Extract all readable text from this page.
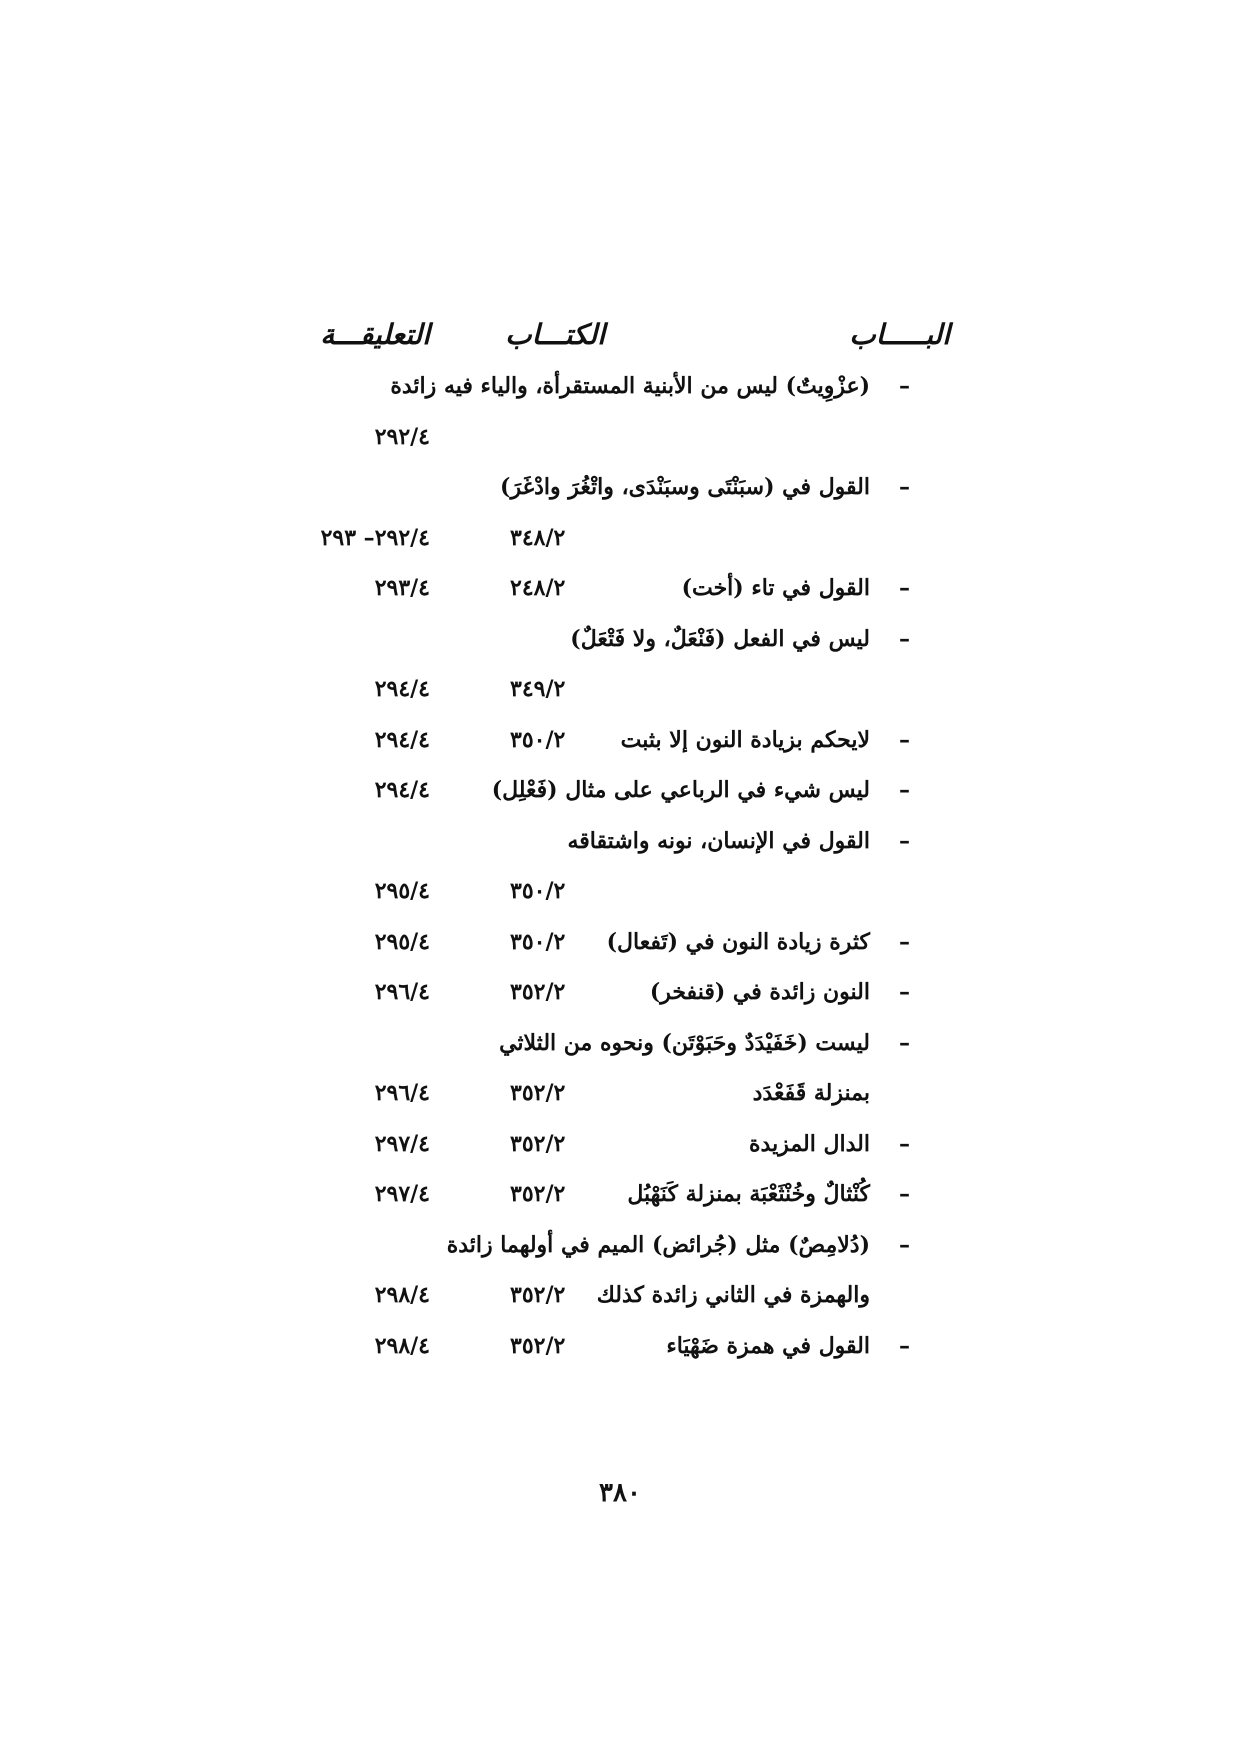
البـــــاب
الكتـــاب
التعليقـــة
–
(عزْوِيتٌ) ليس من الأبنية المستقرأة، والياء فيه زائدة
٢٩٢/٤
–
القول في (سبَنْتَى وسبَنْدَى، واتْغُرَ وادْغَرَ)
٣٤٨/٢
٢٩٢/٤– ٢٩٣
–
القول في تاء (أخت)
٢٤٨/٢
٢٩٣/٤
–
ليس في الفعل (فَنْعَلٌ، ولا فَتْعَلٌ)
٣٤٩/٢
٢٩٤/٤
–
لايحكم بزيادة النون إلا بثبت
٣٥٠/٢
٢٩٤/٤
–
ليس شيء في الرباعي على مثال (فَعْلِل)
٢٩٤/٤
–
القول في الإنسان، نونه واشتقاقه
٣٥٠/٢
٢٩٥/٤
–
كثرة زيادة النون في (تَفعال)
٣٥٠/٢
٢٩٥/٤
–
النون زائدة في (قنفخر)
٣٥٢/٢
٢٩٦/٤
–
ليست (خَفَيْدَدٌ وحَبَوْتَن) ونحوه من الثلاثي
بمنزلة قَفَعْدَد
٣٥٢/٢
٢٩٦/٤
–
الدال المزيدة
٣٥٢/٢
٢٩٧/٤
–
كُنْثالٌ وخُنْثَعْبَة بمنزلة كَنَهْبُل
٣٥٢/٢
٢٩٧/٤
–
(دُلامِصٌ) مثل (جُرائض) الميم في أولهما زائدة
والهمزة في الثاني زائدة كذلك
٣٥٢/٢
٢٩٨/٤
–
القول في همزة ضَهْيَاء
٣٥٢/٢
٢٩٨/٤
٣٨٠
